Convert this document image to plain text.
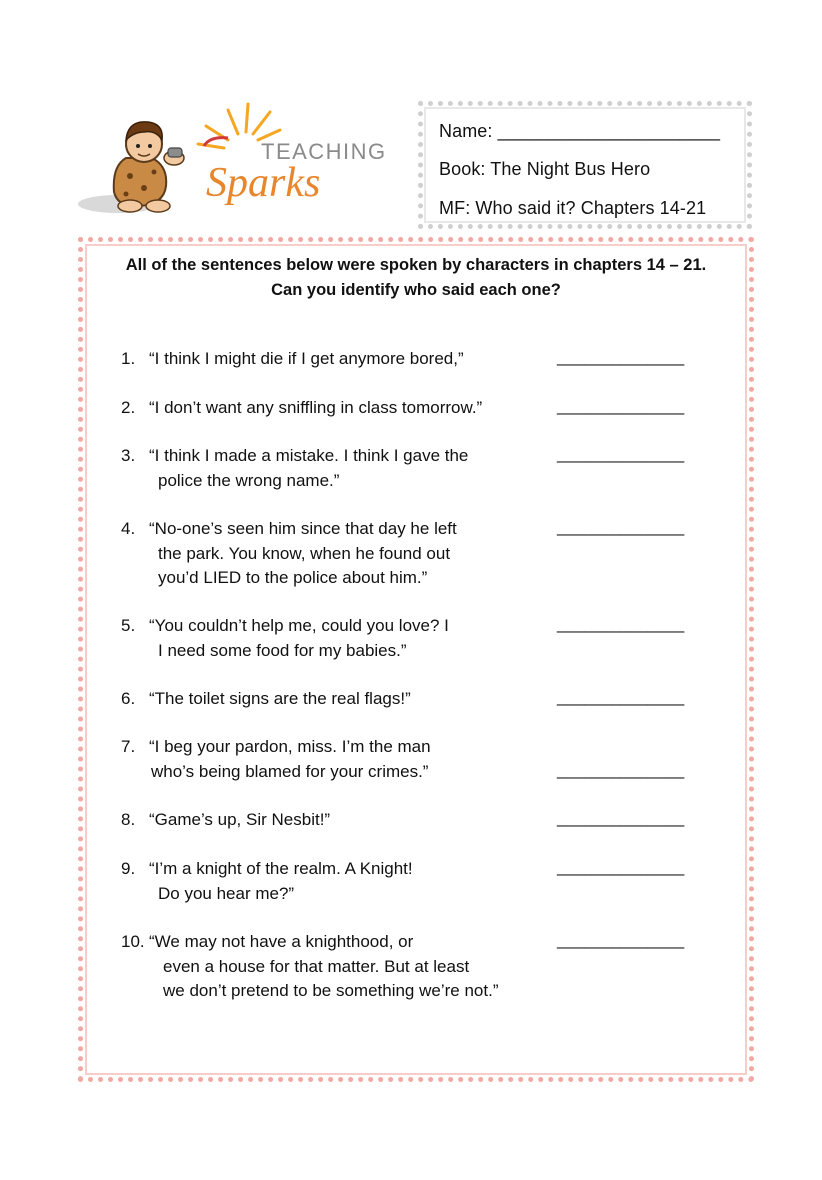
TEACHING
Sparks
Name: ______________________
Book: The Night Bus Hero
MF: Who said it? Chapters 14-21
All of the sentences below were spoken by characters in chapters 14 – 21.
Can you identify who said each one?
1. “I think I might die if I get anymore bored,”	______________
2. “I don’t want any sniffling in class tomorrow.”	______________
3. “I think I made a mistake. I think I gave the
police the wrong name.”
______________
4. “No-one’s seen him since that day he left
the park. You know, when he found out
you’d LIED to the police about him.”
______________
5. “You couldn’t help me, could you love? I
I need some food for my babies.”
______________
6. “The toilet signs are the real flags!”	______________
7. “I beg your pardon, miss. I’m the man
who’s being blamed for your crimes.”	______________
8. “Game’s up, Sir Nesbit!”	______________
9. “I’m a knight of the realm. A Knight!
Do you hear me?”
______________
10. “We may not have a knighthood, or
even a house for that matter. But at least
we don’t pretend to be something we’re not.”
______________
